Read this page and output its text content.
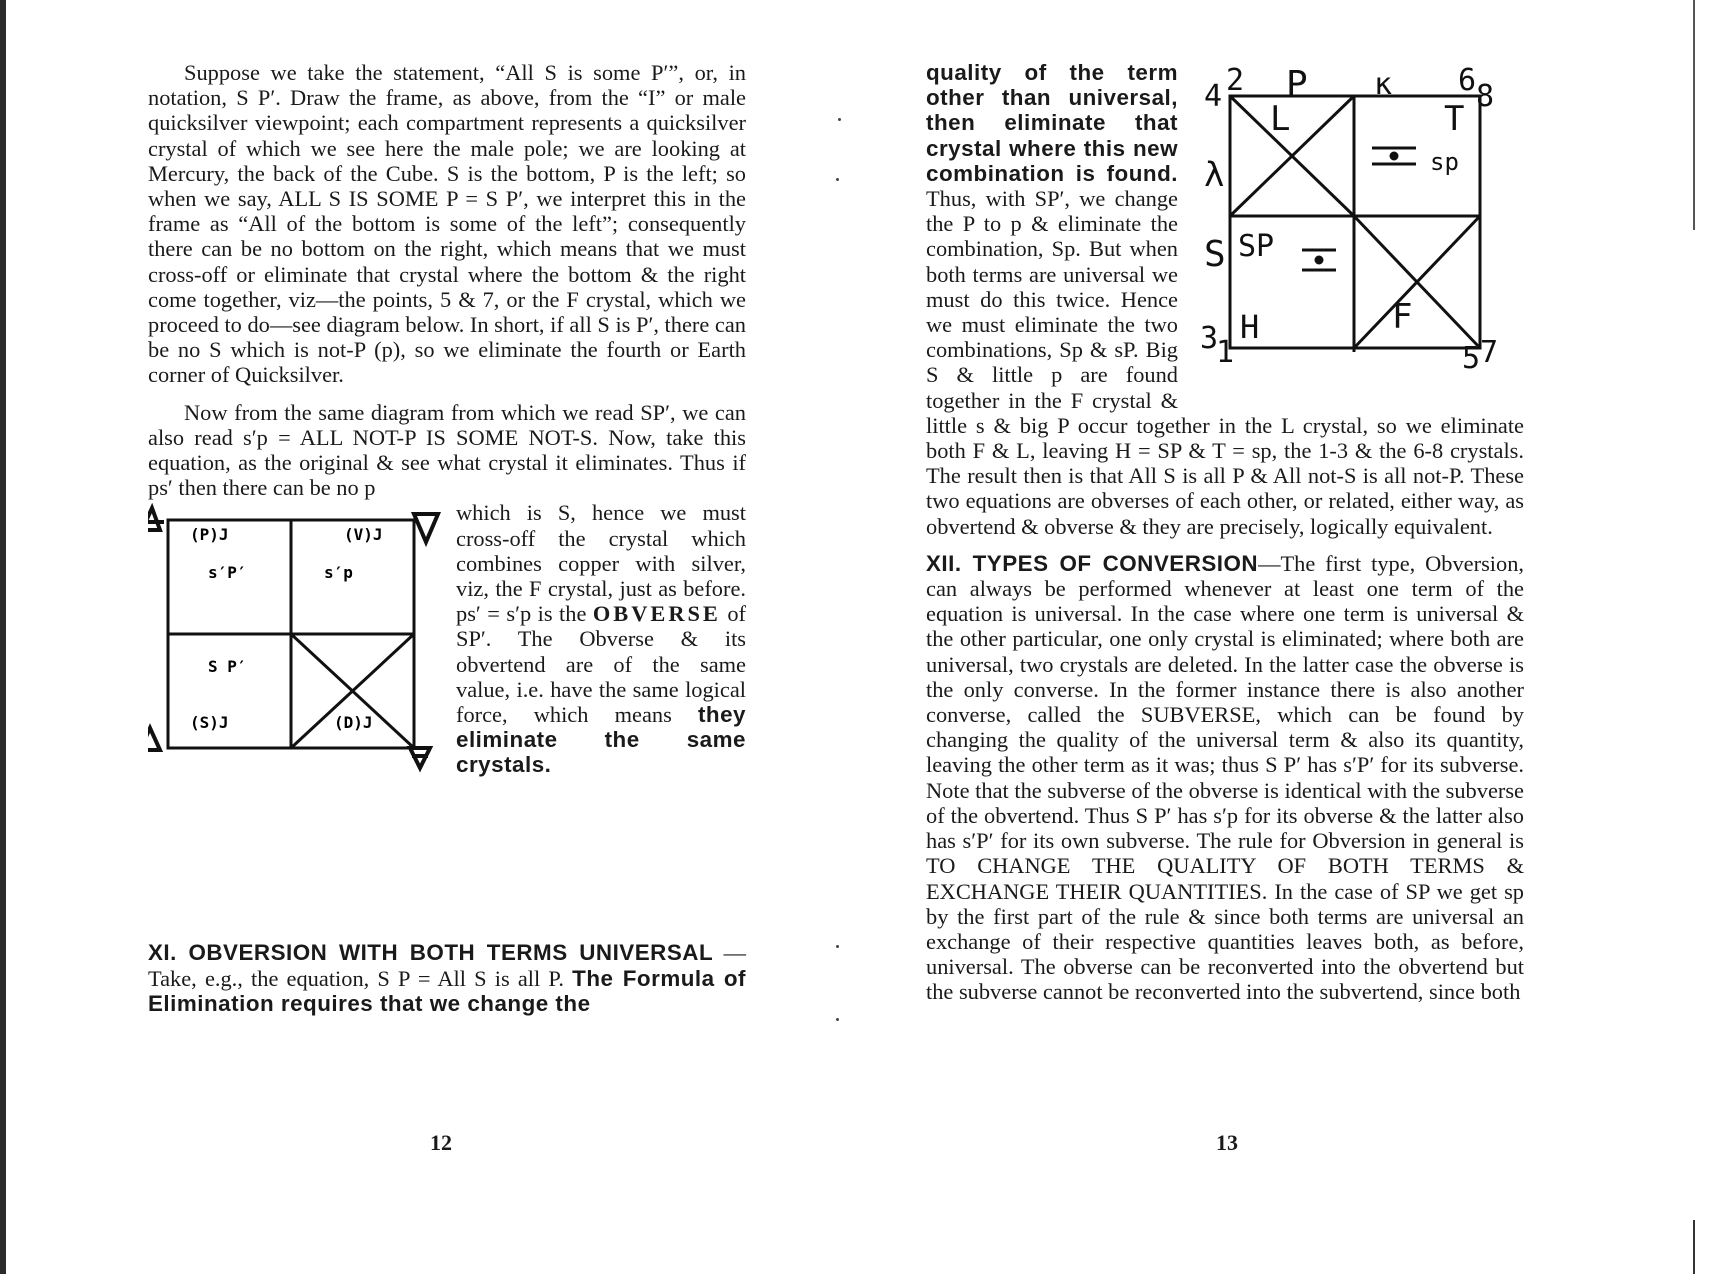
Suppose we take the statement, “All S is some P′”, or, in notation, S P′. Draw the frame, as above, from the “I” or male quicksilver viewpoint; each compartment represents a quicksilver crystal of which we see here the male pole; we are looking at Mercury, the back of the Cube. S is the bottom, P is the left; so when we say, ALL S IS SOME P = S P′, we interpret this in the frame as “All of the bottom is some of the left”; consequently there can be no bottom on the right, which means that we must cross-off or eliminate that crystal where the bottom & the right come together, viz—the points, 5 & 7, or the F crystal, which we proceed to do—see diagram below. In short, if all S is P′, there can be no S which is not-P (p), so we eliminate the fourth or Earth corner of Quicksilver.

Now from the same diagram from which we read SP′, we can also read s′p = ALL NOT-P IS SOME NOT-S. Now, take this equation, as the original & see what crystal it eliminates. Thus if ps′ then there can be no p

(P)J	(V)J
s′P′	s′p
S P′
(S)J	(D)J

which is S, hence we must cross-off the crystal which combines copper with silver, viz, the F crystal, just as before. ps′ = s′p is the OBVERSE of SP′. The Obverse & its obvertend are of the same value, i.e. have the same logical force, which means they eliminate the same crystals.

XI. OBVERSION WITH BOTH TERMS UNIVERSAL —Take, e.g., the equation, S P = All S is all P. The Formula of Elimination requires that we change the

12
4 2 P κ 6 8
λ
S
3
1	5 7
L	T
sp
SP
H	F

quality of the term other than universal, then eliminate that crystal where this new combination is found. Thus, with SP′, we change the P to p & eliminate the combination, Sp. But when both terms are universal we must do this twice. Hence we must eliminate the two combinations, Sp & sP. Big S & little p are found together in the F crystal & little s & big P occur together in the L crystal, so we eliminate both F & L, leaving H = SP & T = sp, the 1-3 & the 6-8 crystals. The result then is that All S is all P & All not-S is all not-P. These two equations are obverses of each other, or related, either way, as obvertend & obverse & they are precisely, logically equivalent.

XII. TYPES OF CONVERSION—The first type, Obversion, can always be performed whenever at least one term of the equation is universal. In the case where one term is universal & the other particular, one only crystal is eliminated; where both are universal, two crystals are deleted. In the latter case the obverse is the only converse. In the former instance there is also another converse, called the SUBVERSE, which can be found by changing the quality of the universal term & also its quantity, leaving the other term as it was; thus S P′ has s′P′ for its subverse. Note that the subverse of the obverse is identical with the subverse of the obvertend. Thus S P′ has s′p for its obverse & the latter also has s′P′ for its own subverse. The rule for Obversion in general is TO CHANGE THE QUALITY OF BOTH TERMS & EXCHANGE THEIR QUANTITIES. In the case of SP we get sp by the first part of the rule & since both terms are universal an exchange of their respective quantities leaves both, as before, universal. The obverse can be reconverted into the obvertend but the subverse cannot be reconverted into the subvertend, since both

13
